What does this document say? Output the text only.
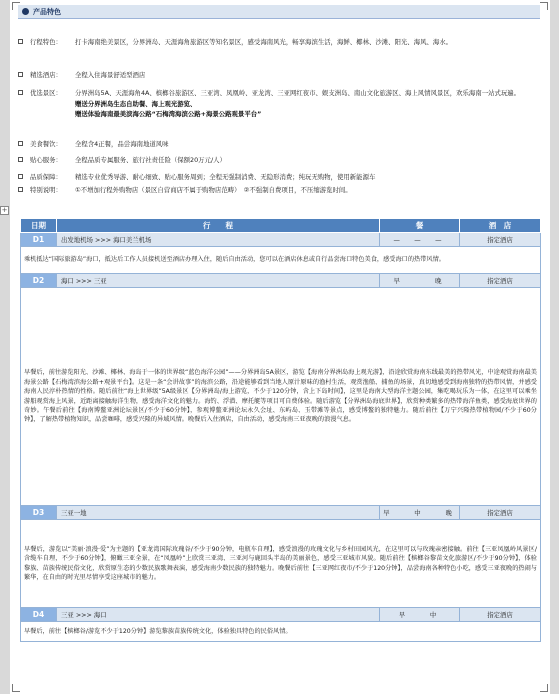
产品特色
行程特色：	打卡海南绝美景区，分界洲岛、天涯海角旅游区等知名景区，感受海南风光，畅享海滨生活，海鲜、椰林、沙滩、阳光、海风、海水。
精选酒店：	全程入住海景舒适型酒店
优选景区：	分界洲岛5A、天涯海角4A、槟榔谷旅游区、三亚湾、凤凰岭、亚龙湾、三亚网红夜市、蜈支洲岛、南山文化旅游区、海上风情风景区，欢乐海南一站式玩遍。
赠送分界洲岛生态自助餐、海上观光游览、
赠送体验海南最美滨海公路“石梅湾海滨公路+海景公路观景平台”
美食餐饮：	全程含4正餐，品尝海南地道风味
贴心服务：	全程品质专属服务、旅行社责任险（保额20万元/人）
品质保障：	精选专业优秀导游、耐心细致、贴心服务周到；全程无强制消费、无隐形消费；纯玩无购物，使用新能源车
特别说明：	①不增加行程外购物店（景区自营商店不属于购物店范畴）　②不强制自费项目，不压缩游览时间。
日期	行　　程	餐	酒　店
D1	出发地机场 >>> 海口美兰机场	—　—　—	指定酒店
乘机抵达“国际旅游岛”海口，抵达后工作人员接机送至酒店办理入住，随后自由活动，您可以在酒店休息或自行品尝海口特色美食，感受海口的热带风情。			
D2	海口 >>> 三亚	早　　　晚	指定酒店
早餐后，前往游览阳光、沙滩、椰林、海岛于一体的世界级“蓝色海洋公园”——分界洲岛5A景区，游览【海南分界洲岛海上观光游】，沿途欣赏海南东线最美的热带风光，中途观赏海南最美海景公路【石梅湾滨海公路+观景平台】。这是一条“会讲故事”的海滨公路，沿途能够看到当地人原汁原味的渔村生活，观赏渔船、捕鱼的场景，真切地感受到海南独特的热带风情，并感受海南人民淳朴热情的性格。随后前往“海上世界级”5A级景区【分界洲岛/海上游览，不少于120分钟，含上下岛时间】，这里是海南大型海洋主题公园，集吃喝玩乐为一体，在这里可以乘坐游船观赏海上风景，近距离接触海洋生物，感受海洋文化的魅力。海钓、浮潜、摩托艇等项目可自费体验。随后游览【分界洲岛海底世界】，欣赏种类繁多的热带海洋鱼类，感受海底世界的奇妙。午餐后前往【海南博鳌亚洲论坛景区/不少于60分钟】，参观博鳌亚洲论坛永久会址、东屿岛、玉带滩等景点，感受博鳌的独特魅力。随后前往【万宁兴隆热带植物园/不少于60分钟】，了解热带植物知识，品尝咖啡，感受兴隆的异域风情。晚餐后入住酒店，自由活动，感受海南三亚夜晚的浪漫气息。			
D3	三亚一地	早　　中　　晚	指定酒店
早餐后，游览以“美丽·浪漫·爱”为主题的【亚龙湾国际玫瑰谷/不少于90分钟，电瓶车自理】，感受浪漫的玫瑰文化与乡村田园风光，在这里可以与玫瑰亲密接触。前往【三亚凤凰岭风景区/含缆车自理，不少于60分钟】，俯瞰三亚全景，在“凤凰岭”上欣赏三亚湾、三亚河与鹿回头半岛的美丽景色，感受三亚城市风貌。随后前往【槟榔谷黎苗文化旅游区/不少于90分钟】，体验黎族、苗族传统民俗文化，欣赏原生态的少数民族歌舞表演，感受海南少数民族的独特魅力。晚餐后前往【三亚网红夜市/不少于120分钟】，品尝海南各种特色小吃，感受三亚夜晚的热闹与繁华，在自由的时光里尽情享受这座城市的魅力。			
D4	三亚 >>> 海口	早　　中	指定酒店
早餐后，前往【槟榔谷/游览不少于120分钟】游览黎族苗族传统文化，体验独具特色的民俗风情。			
+
